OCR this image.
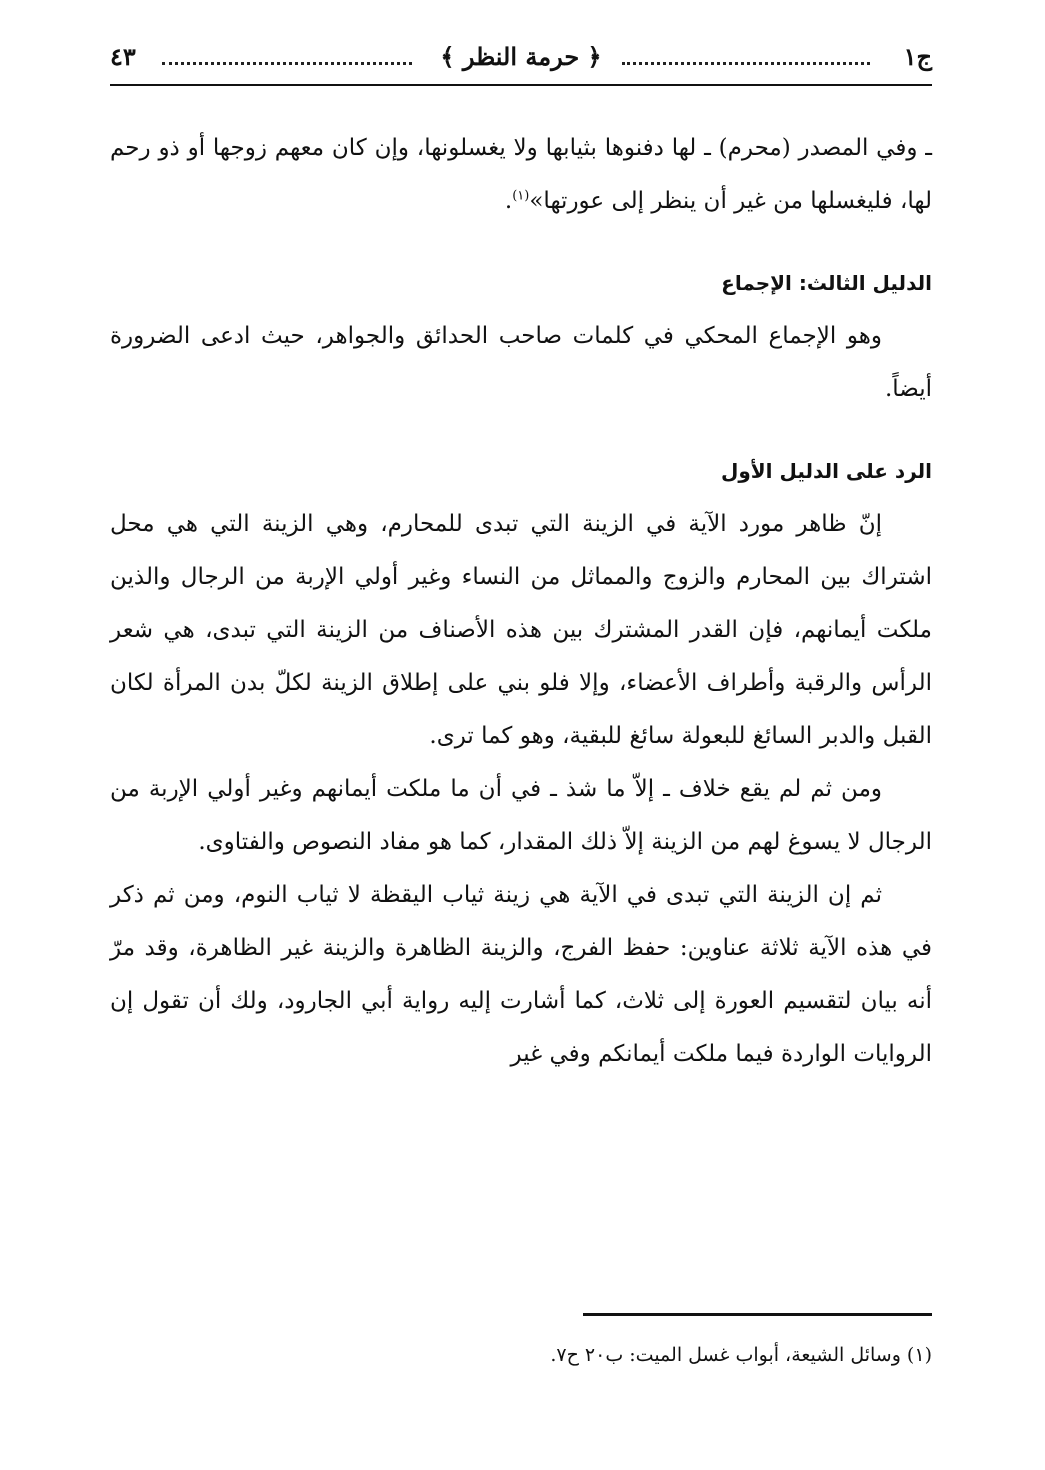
ج١
﴿ حرمة النظر ﴾
٤٣

ـ وفي المصدر (محرم) ـ لها دفنوها بثيابها ولا يغسلونها، وإن كان معهم زوجها أو ذو رحم لها، فليغسلها من غير أن ينظر إلى عورتها»$^{(١)}$.

الدليل الثالث: الإجماع

وهو الإجماع المحكي في كلمات صاحب الحدائق والجواهر، حيث ادعى الضرورة أيضاً.

الرد على الدليل الأول

إنّ ظاهر مورد الآية في الزينة التي تبدى للمحارم، وهي الزينة التي هي محل اشتراك بين المحارم والزوج والمماثل من النساء وغير أولي الإربة من الرجال والذين ملكت أيمانهم، فإن القدر المشترك بين هذه الأصناف من الزينة التي تبدى، هي شعر الرأس والرقبة وأطراف الأعضاء، وإلا فلو بني على إطلاق الزينة لكلّ بدن المرأة لكان القبل والدبر السائغ للبعولة سائغ للبقية، وهو كما ترى.

ومن ثم لم يقع خلاف ـ إلاّ ما شذ ـ في أن ما ملكت أيمانهم وغير أولي الإربة من الرجال لا يسوغ لهم من الزينة إلاّ ذلك المقدار، كما هو مفاد النصوص والفتاوى.

ثم إن الزينة التي تبدى في الآية هي زينة ثياب اليقظة لا ثياب النوم، ومن ثم ذكر في هذه الآية ثلاثة عناوين: حفظ الفرج، والزينة الظاهرة والزينة غير الظاهرة، وقد مرّ أنه بيان لتقسيم العورة إلى ثلاث، كما أشارت إليه رواية أبي الجارود، ولك أن تقول إن الروايات الواردة فيما ملكت أيمانكم وفي غير

(١) وسائل الشيعة، أبواب غسل الميت: ب٢٠ ح٧.
